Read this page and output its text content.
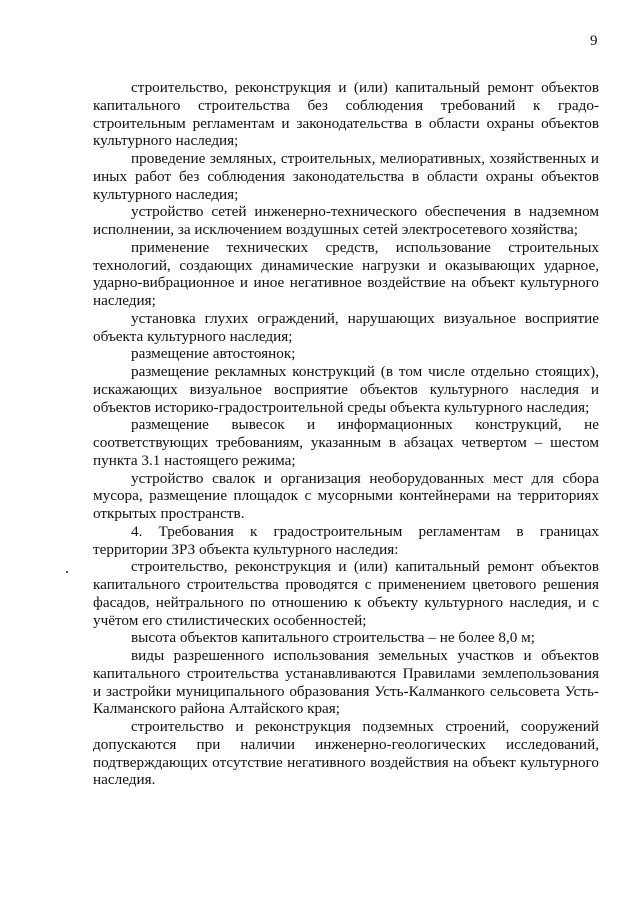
9

строительство, реконструкция и (или) капитальный ремонт объектов капитального строительства без соблюдения требований к градостроительным регламентам и законодательства в области охраны объектов культурного наследия;

проведение земляных, строительных, мелиоративных, хозяйственных и иных работ без соблюдения законодательства в области охраны объектов культурного наследия;

устройство сетей инженерно-технического обеспечения в надземном исполнении, за исключением воздушных сетей электросетевого хозяйства;

применение технических средств, использование строительных технологий, создающих динамические нагрузки и оказывающих ударное, ударно-вибрационное и иное негативное воздействие на объект культурного наследия;

установка глухих ограждений, нарушающих визуальное восприятие объекта культурного наследия;

размещение автостоянок;

размещение рекламных конструкций (в том числе отдельно стоящих), искажающих визуальное восприятие объектов культурного наследия и объектов историко-градостроительной среды объекта культурного наследия;

размещение вывесок и информационных конструкций, не соответствующих требованиям, указанным в абзацах четвертом – шестом пункта 3.1 настоящего режима;

устройство свалок и организация необорудованных мест для сбора мусора, размещение площадок с мусорными контейнерами на территориях открытых пространств.

4. Требования к градостроительным регламентам в границах территории ЗРЗ объекта культурного наследия:

строительство, реконструкция и (или) капитальный ремонт объектов капитального строительства проводятся с применением цветового решения фасадов, нейтрального по отношению к объекту культурного наследия, и с учётом его стилистических особенностей;

высота объектов капитального строительства – не более 8,0 м;

виды разрешенного использования земельных участков и объектов капитального строительства устанавливаются Правилами землепользования и застройки муниципального образования Усть-Калманкого сельсовета Усть-Калманского района Алтайского края;

строительство и реконструкция подземных строений, сооружений допускаются при наличии инженерно-геологических исследований, подтверждающих отсутствие негативного воздействия на объект культурного наследия.
